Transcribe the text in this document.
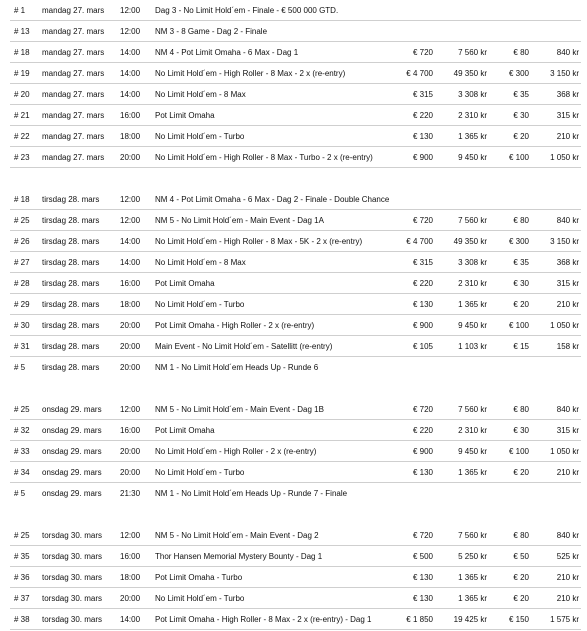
# 1 mandag 27. mars 12:00 Dag 3 - No Limit Hold´em - Finale - € 500 000 GTD.
# 13 mandag 27. mars 12:00 NM 3 - 8 Game - Dag 2 - Finale
# 18 mandag 27. mars 14:00 NM 4 - Pot Limit Omaha - 6 Max - Dag 1	€ 720	7 560 kr	€ 80	840 kr
# 19 mandag 27. mars 14:00 No Limit Hold´em - High Roller - 8 Max - 2 x (re-entry)	€ 4 700	49 350 kr	€ 300	3 150 kr
# 20 mandag 27. mars 14:00 No Limit Hold´em - 8 Max	€ 315	3 308 kr	€ 35	368 kr
# 21 mandag 27. mars 16:00 Pot Limit Omaha	€ 220	2 310 kr	€ 30	315 kr
# 22 mandag 27. mars 18:00 No Limit Hold´em - Turbo	€ 130	1 365 kr	€ 20	210 kr
# 23 mandag 27. mars 20:00 No Limit Hold´em - High Roller - 8 Max - Turbo - 2 x (re-entry)	€ 900	9 450 kr	€ 100	1 050 kr
# 18 tirsdag 28. mars	12:00 NM 4 - Pot Limit Omaha - 6 Max - Dag 2 - Finale - Double Chance
# 25 tirsdag 28. mars	12:00 NM 5 - No Limit Hold´em - Main Event - Dag 1A	€ 720	7 560 kr	€ 80	840 kr
# 26 tirsdag 28. mars	14:00 No Limit Hold´em - High Roller - 8 Max - 5K - 2 x (re-entry)	€ 4 700	49 350 kr	€ 300	3 150 kr
# 27 tirsdag 28. mars	14:00 No Limit Hold´em - 8 Max	€ 315	3 308 kr	€ 35	368 kr
# 28 tirsdag 28. mars	16:00 Pot Limit Omaha	€ 220	2 310 kr	€ 30	315 kr
# 29 tirsdag 28. mars	18:00 No Limit Hold´em - Turbo	€ 130	1 365 kr	€ 20	210 kr
# 30 tirsdag 28. mars	20:00 Pot Limit Omaha - High Roller - 2 x (re-entry)	€ 900	9 450 kr	€ 100	1 050 kr
# 31 tirsdag 28. mars	20:00 Main Event - No Limit Hold´em - Satellitt (re-entry)	€ 105	1 103 kr	€ 15	158 kr
# 5 tirsdag 28. mars	20:00 NM 1 - No Limit Hold´em Heads Up - Runde 6
# 25 onsdag 29. mars 12:00 NM 5 - No Limit Hold´em - Main Event - Dag 1B	€ 720	7 560 kr	€ 80	840 kr
# 32 onsdag 29. mars 16:00 Pot Limit Omaha	€ 220	2 310 kr	€ 30	315 kr
# 33 onsdag 29. mars 20:00 No Limit Hold´em - High Roller - 2 x (re-entry)	€ 900	9 450 kr	€ 100	1 050 kr
# 34 onsdag 29. mars 20:00 No Limit Hold´em - Turbo	€ 130	1 365 kr	€ 20	210 kr
# 5 onsdag 29. mars 21:30 NM 1 - No Limit Hold´em Heads Up - Runde 7 - Finale
# 25 torsdag 30. mars 12:00 NM 5 - No Limit Hold´em - Main Event - Dag 2	€ 720	7 560 kr	€ 80	840 kr
# 35 torsdag 30. mars 16:00 Thor Hansen Memorial Mystery Bounty - Dag 1	€ 500	5 250 kr	€ 50	525 kr
# 36 torsdag 30. mars 18:00 Pot Limit Omaha - Turbo	€ 130	1 365 kr	€ 20	210 kr
# 37 torsdag 30. mars 20:00 No Limit Hold´em - Turbo	€ 130	1 365 kr	€ 20	210 kr
# 38 torsdag 30. mars 14:00 Pot Limit Omaha - High Roller - 8 Max - 2 x (re-entry) - Dag 1	€ 1 850	19 425 kr	€ 150	1 575 kr
